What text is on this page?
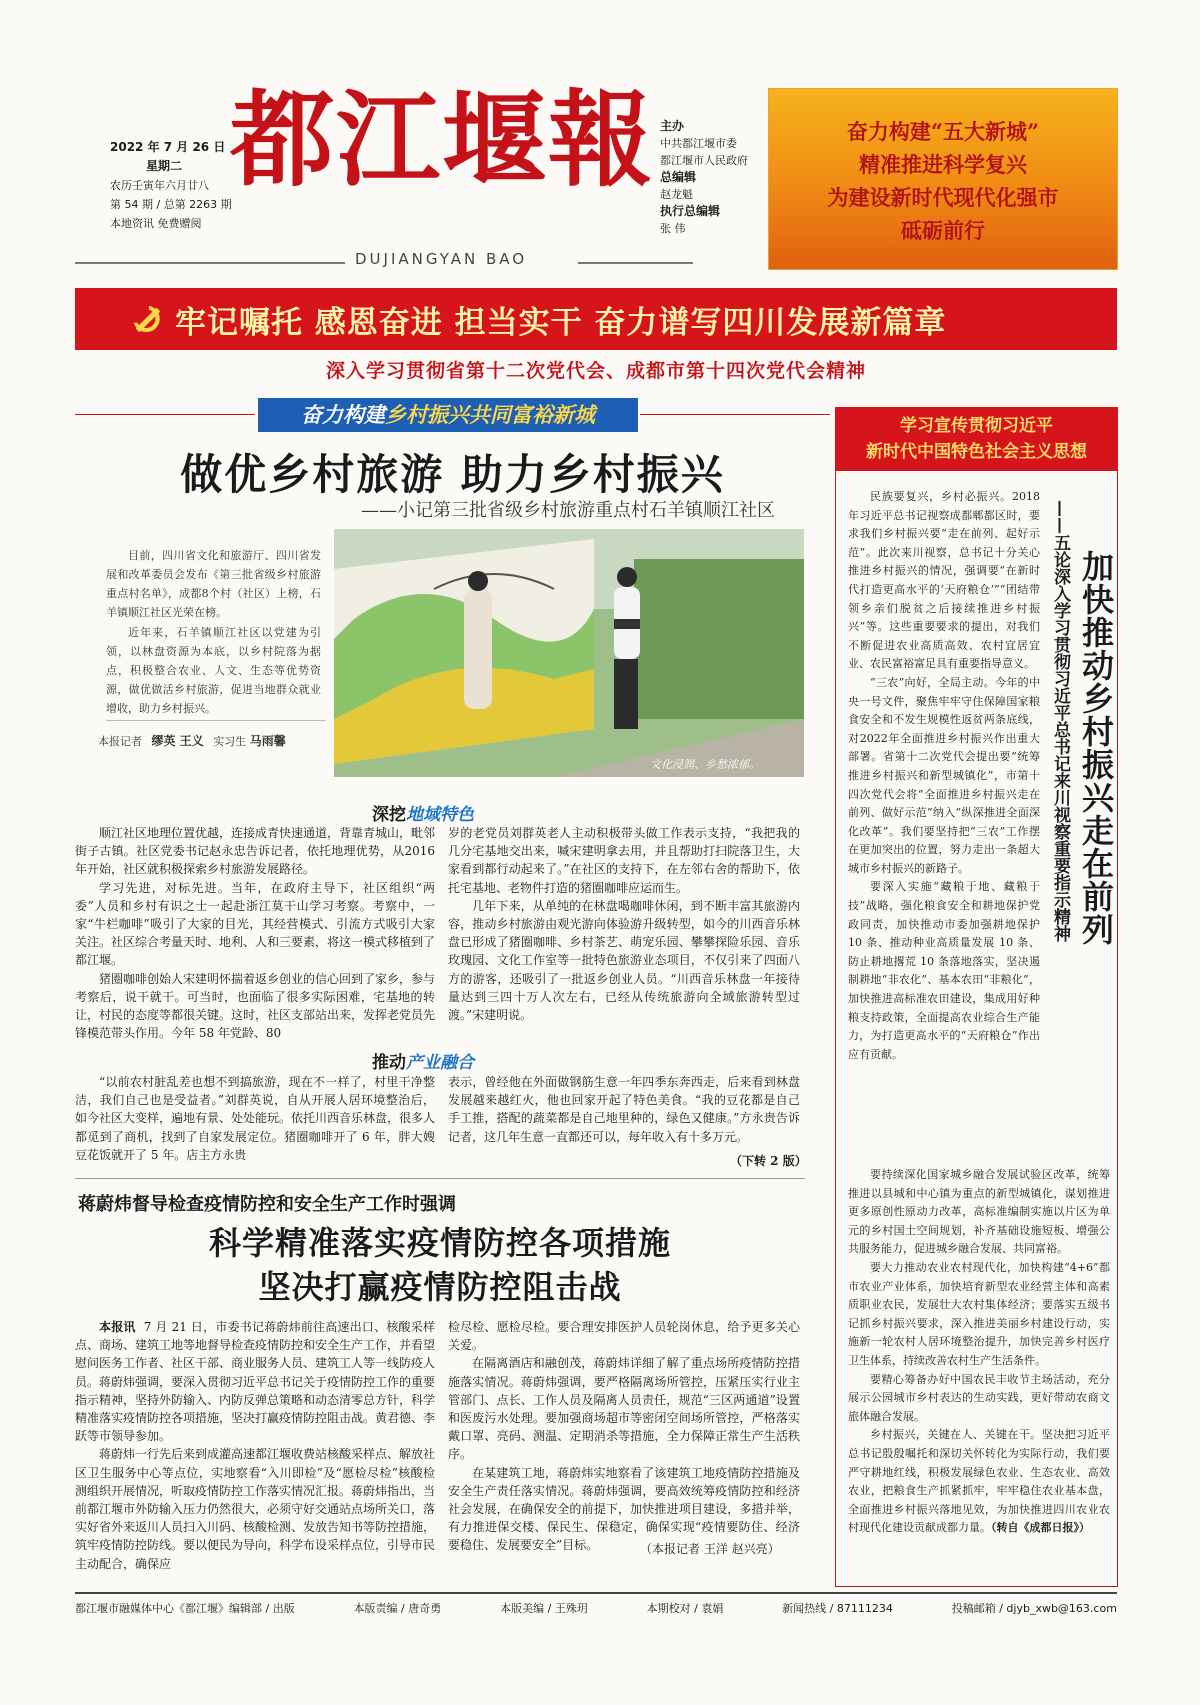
2022 年 7 月 26 日
星期二
农历壬寅年六月廿八
第 54 期 / 总第 2263 期
本地资讯 免费赠阅
都江堰報
DUJIANGYAN BAO
主办
中共都江堰市委
都江堰市人民政府
总编辑
赵龙魁
执行总编辑
张 伟
奋力构建“五大新城”
精准推进科学复兴
为建设新时代现代化强市
砥砺前行
牢记嘱托 感恩奋进 担当实干 奋力谱写四川发展新篇章
深入学习贯彻省第十二次党代会、成都市第十四次党代会精神
奋力构建乡村振兴共同富裕新城
做优乡村旅游 助力乡村振兴
——小记第三批省级乡村旅游重点村石羊镇顺江社区

目前，四川省文化和旅游厅、四川省发展和改革委员会发布《第三批省级乡村旅游重点村名单》，成都8个村（社区）上榜，石羊镇顺江社区光荣在榜。

近年来，石羊镇顺江社区以党建为引领，以林盘资源为本底，以乡村院落为据点，积极整合农业、人文、生态等优势资源，做优做活乡村旅游，促进当地群众就业增收，助力乡村振兴。

本报记者 缪英 王义 实习生 马雨馨
文化浸润、乡愁浓郁。
深挖地域特色

顺江社区地理位置优越，连接成青快速通道，背靠青城山，毗邻街子古镇。社区党委书记赵永忠告诉记者，依托地理优势，从2016年开始，社区就积极探索乡村旅游发展路径。

学习先进，对标先进。当年，在政府主导下，社区组织“两委”人员和乡村有识之士一起赴浙江莫干山学习考察。考察中，一家“牛栏咖啡”吸引了大家的目光，其经营模式、引流方式吸引大家关注。社区综合考量天时、地利、人和三要素，将这一模式移植到了都江堰。

猪圈咖啡创始人宋建明怀揣着返乡创业的信心回到了家乡，参与考察后，说干就干。可当时，也面临了很多实际困难，宅基地的转让，村民的态度等都很关键。这时，社区支部站出来，发挥老党员先锋模范带头作用。今年 58 年党龄、80

岁的老党员刘群英老人主动积极带头做工作表示支持，“我把我的几分宅基地交出来，喊宋建明拿去用，并且帮助打扫院落卫生，大家看到都行动起来了。”在社区的支持下，在左邻右舍的帮助下，依托宅基地、老物件打造的猪圈咖啡应运而生。

几年下来，从单纯的在林盘喝咖啡休闲，到不断丰富其旅游内容，推动乡村旅游由观光游向体验游升级转型，如今的川西音乐林盘已形成了猪圈咖啡、乡村茶艺、萌宠乐园、攀攀探险乐园、音乐玫瑰园、文化工作室等一批特色旅游业态项目，不仅引来了四面八方的游客，还吸引了一批返乡创业人员。“川西音乐林盘一年接待量达到三四十万人次左右，已经从传统旅游向全域旅游转型过渡。”宋建明说。

推动产业融合

“以前农村脏乱差也想不到搞旅游，现在不一样了，村里干净整洁，我们自己也是受益者。”刘群英说，自从开展人居环境整治后，如今社区大变样，遍地有景、处处能玩。依托川西音乐林盘，很多人都觅到了商机，找到了自家发展定位。猪圈咖啡开了 6 年，胖大嫂豆花饭就开了 5 年。店主方永贵

表示，曾经他在外面做钢筋生意一年四季东奔西走，后来看到林盘发展越来越红火，他也回家开起了特色美食。“我的豆花都是自己手工推，搭配的蔬菜都是自己地里种的，绿色又健康。”方永贵告诉记者，这几年生意一直都还可以，每年收入有十多万元。

（下转 2 版）
蒋蔚炜督导检查疫情防控和安全生产工作时强调
科学精准落实疫情防控各项措施
坚决打赢疫情防控阻击战

本报讯 7 月 21 日，市委书记蒋蔚炜前往高速出口、核酸采样点、商场、建筑工地等地督导检查疫情防控和安全生产工作，并看望慰问医务工作者、社区干部、商业服务人员、建筑工人等一线防疫人员。蒋蔚炜强调，要深入贯彻习近平总书记关于疫情防控工作的重要指示精神，坚持外防输入、内防反弹总策略和动态清零总方针，科学精准落实疫情防控各项措施，坚决打赢疫情防控阻击战。黄君德、李跃等市领导参加。

蒋蔚炜一行先后来到成灌高速都江堰收费站核酸采样点、解放社区卫生服务中心等点位，实地察看“入川即检”及“愿检尽检”核酸检测组织开展情况，听取疫情防控工作落实情况汇报。蒋蔚炜指出，当前都江堰市外防输入压力仍然很大，必须守好交通站点场所关口，落实好省外来返川人员扫入川码、核酸检测、发放告知书等防控措施，筑牢疫情防控防线。要以便民为导向，科学布设采样点位，引导市民主动配合，确保应

检尽检、愿检尽检。要合理安排医护人员轮岗休息，给予更多关心关爱。

在隔离酒店和融创茂，蒋蔚炜详细了解了重点场所疫情防控措施落实情况。蒋蔚炜强调，要严格隔离场所管控，压紧压实行业主管部门、点长、工作人员及隔离人员责任，规范“三区两通道”设置和医废污水处理。要加强商场超市等密闭空间场所管控，严格落实戴口罩、亮码、测温、定期消杀等措施，全力保障正常生产生活秩序。

在某建筑工地，蒋蔚炜实地察看了该建筑工地疫情防控措施及安全生产责任落实情况。蒋蔚炜强调，要高效统筹疫情防控和经济社会发展，在确保安全的前提下，加快推进项目建设，多措并举，有力推进保交楼、保民生、保稳定，确保实现“疫情要防住、经济要稳住、发展要安全”目标。	（本报记者 王洋 赵兴亮）
学习宣传贯彻习近平
新时代中国特色社会主义思想
加快推动乡村振兴走在前列
——五论深入学习贯彻习近平总书记来川视察重要指示精神

民族要复兴，乡村必振兴。2018年习近平总书记视察成都郫都区时，要求我们乡村振兴要“走在前列、起好示范”。此次来川视察，总书记十分关心推进乡村振兴的情况，强调要“在新时代打造更高水平的‘天府粮仓’”“团结带领乡亲们脱贫之后接续推进乡村振兴”等。这些重要要求的提出，对我们不断促进农业高质高效、农村宜居宜业、农民富裕富足具有重要指导意义。

“三农”向好，全局主动。今年的中央一号文件，聚焦牢牢守住保障国家粮食安全和不发生规模性返贫两条底线，对2022年全面推进乡村振兴作出重大部署。省第十二次党代会提出要“统筹推进乡村振兴和新型城镇化”，市第十四次党代会将“全面推进乡村振兴走在前列、做好示范”纳入“纵深推进全面深化改革”。我们要坚持把“三农”工作摆在更加突出的位置，努力走出一条超大城市乡村振兴的新路子。

要深入实施“藏粮于地、藏粮于技”战略，强化粮食安全和耕地保护党政同责，加快推动市委加强耕地保护 10 条、推动种业高质量发展 10 条、防止耕地撂荒 10 条落地落实，坚决遏制耕地“非农化”、基本农田“非粮化”，加快推进高标准农田建设，集成用好种粮支持政策，全面提高农业综合生产能力，为打造更高水平的“天府粮仓”作出应有贡献。

要持续深化国家城乡融合发展试验区改革，统筹推进以县城和中心镇为重点的新型城镇化，谋划推进更多原创性原动力改革，高标准编制实施以片区为单元的乡村国土空间规划，补齐基础设施短板、增强公共服务能力，促进城乡融合发展、共同富裕。

要大力推动农业农村现代化，加快构建“4+6”都市农业产业体系，加快培育新型农业经营主体和高素质职业农民，发展壮大农村集体经济；要落实五级书记抓乡村振兴要求，深入推进美丽乡村建设行动，实施新一轮农村人居环境整治提升，加快完善乡村医疗卫生体系，持续改善农村生产生活条件。

要精心筹备办好中国农民丰收节主场活动，充分展示公园城市乡村表达的生动实践，更好带动农商文旅体融合发展。

乡村振兴，关键在人、关键在干。坚决把习近平总书记殷殷嘱托和深切关怀转化为实际行动，我们要严守耕地红线，积极发展绿色农业、生态农业、高效农业，把粮食生产抓紧抓牢，牢牢稳住农业基本盘，全面推进乡村振兴落地见效，为加快推进四川农业农村现代化建设贡献成都力量。（转自《成都日报》）

都江堰市融媒体中心《都江堰》编辑部 / 出版	本版责编 / 唐奇勇	本版美编 / 王殊玥	本期校对 / 袁娟	新闻热线 / 87111234	投稿邮箱 / djyb_xwb@163.com
